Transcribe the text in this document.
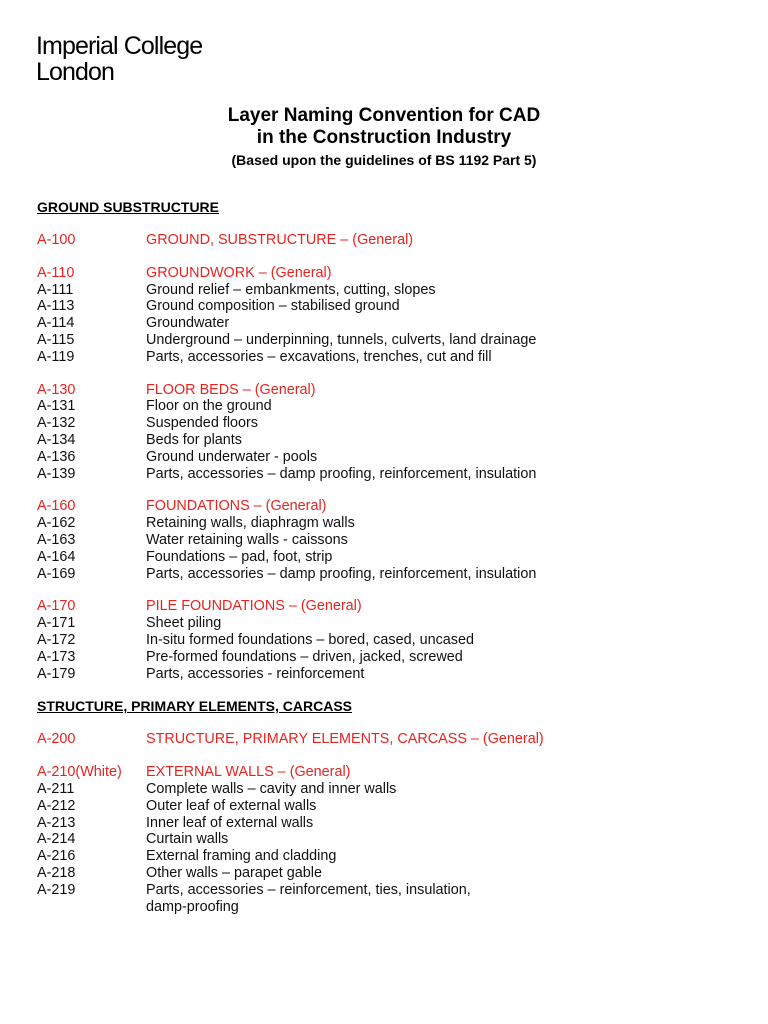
Imperial College
London
Layer Naming Convention for CAD
in the Construction Industry
(Based upon the guidelines of BS 1192 Part 5)
GROUND SUBSTRUCTURE
A-100	GROUND, SUBSTRUCTURE – (General)
A-110	GROUNDWORK – (General)
A-111	Ground relief – embankments, cutting, slopes
A-113	Ground composition – stabilised ground
A-114	Groundwater
A-115	Underground – underpinning, tunnels, culverts, land drainage
A-119	Parts, accessories – excavations, trenches, cut and fill
A-130	FLOOR BEDS – (General)
A-131	Floor on the ground
A-132	Suspended floors
A-134	Beds for plants
A-136	Ground underwater - pools
A-139	Parts, accessories – damp proofing, reinforcement, insulation
A-160	FOUNDATIONS – (General)
A-162	Retaining walls, diaphragm walls
A-163	Water retaining walls - caissons
A-164	Foundations – pad, foot, strip
A-169	Parts, accessories – damp proofing, reinforcement, insulation
A-170	PILE FOUNDATIONS – (General)
A-171	Sheet piling
A-172	In-situ formed foundations – bored, cased, uncased
A-173	Pre-formed foundations – driven, jacked, screwed
A-179	Parts, accessories - reinforcement
STRUCTURE, PRIMARY ELEMENTS, CARCASS
A-200	STRUCTURE, PRIMARY ELEMENTS, CARCASS – (General)
A-210(White)	EXTERNAL WALLS – (General)
A-211	Complete walls – cavity and inner walls
A-212	Outer leaf of external walls
A-213	Inner leaf of external walls
A-214	Curtain walls
A-216	External framing and cladding
A-218	Other walls – parapet gable
A-219	Parts, accessories – reinforcement, ties, insulation,
damp-proofing
